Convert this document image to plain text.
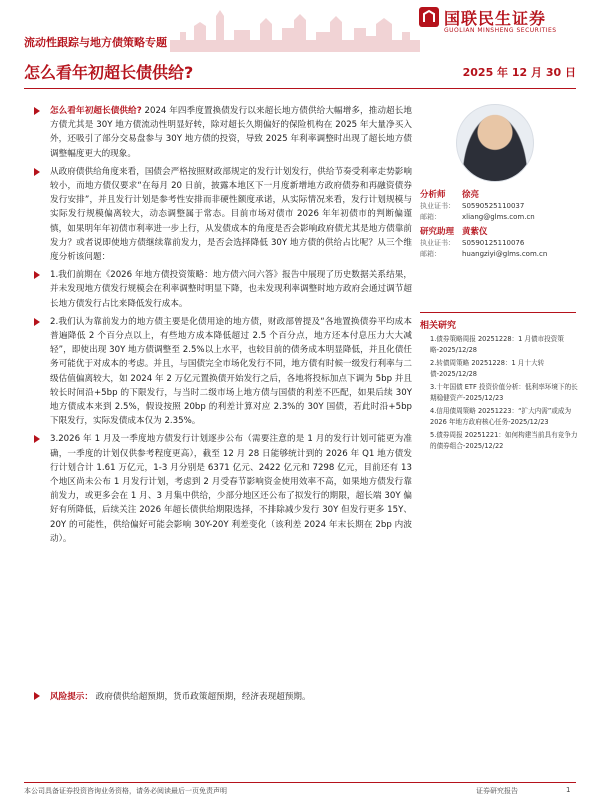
国联民生证券
GUOLIAN MINSHENG SECURITIES
流动性跟踪与地方债策略专题
怎么看年初超长债供给?	2025 年 12 月 30 日

怎么看年初超长债供给? 2024 年四季度置换债发行以来超长地方债供给大幅增多，推动超长地方债尤其是 30Y 地方债流动性明显好转，除对超长久期偏好的保险机构在 2025 年大量净买入外，还吸引了部分交易盘参与 30Y 地方债的投资，导致 2025 年利率调整时出现了超长地方债调整幅度更大的现象。

从政府债供给角度来看，国债会严格按照财政部规定的发行计划发行，供给节奏受利率走势影响较小，而地方债仅要求“在每月 20 日前，披露本地区下一月度新增地方政府债券和再融资债券发行安排”，并且发行计划是参考性安排而非硬性额度承诺，从实际情况来看，发行计划规模与实际发行规模偏离较大，动态调整属于常态。目前市场对债市 2026 年年初债市的判断偏谨慎，如果明年年初债市利率进一步上行，从发债成本的角度是否会影响政府债尤其是地方债靠前发力？或者说即使地方债继续靠前发力，是否会选择降低 30Y 地方债的供给占比呢？从三个维度分析该问题：

1.我们前期在《2026 年地方债投资策略：地方债六问六答》报告中展现了历史数据关系结果，并未发现地方债发行规模会在利率调整时明显下降，也未发现利率调整时地方政府会通过调节超长地方债发行占比来降低发行成本。

2.我们认为靠前发力的地方债主要是化债用途的地方债，财政部曾提及“各地置换债券平均成本普遍降低 2 个百分点以上，有些地方成本降低超过 2.5 个百分点，地方还本付息压力大大减轻”，即使出现 30Y 地方债调整至 2.5%以上水平，也较目前的债务成本明显降低，并且化债任务可能优于对成本的考虑。并且，与国债完全市场化发行不同，地方债有时候一级发行利率与二级估值偏离较大，如 2024 年 2 万亿元置换债开始发行之后，各地将投标加点下调为 5bp 并且较长时间沿+5bp 的下限发行，与当时二级市场上地方债与国债的利差不匹配，如果后续 30Y 地方债成本来到 2.5%，假设按照 20bp 的利差计算对应 2.3%的 30Y 国债，若此时沿+5bp 下限发行，实际发债成本仅为 2.35%。

3.2026 年 1 月及一季度地方债发行计划逐步公布（需要注意的是 1 月的发行计划可能更为准确，一季度的计划仅供参考程度更高），截至 12 月 28 日能够统计到的 2026 年 Q1 地方债发行计划合计 1.61 万亿元，1-3 月分别是 6371 亿元、2422 亿元和 7298 亿元，目前还有 13 个地区尚未公布 1 月发行计划，考虑到 2 月受春节影响资金使用效率不高，如果地方债发行靠前发力，或更多会在 1 月、3 月集中供给，少部分地区还公布了拟发行的期限，超长端 30Y 偏好有所降低，后续关注 2026 年超长债供给期限选择，不排除减少发行 30Y 但发行更多 15Y、20Y 的可能性，供给偏好可能会影响 30Y-20Y 利差变化（该利差 2024 年末长期在 2bp 内波动）。

风险提示： 政府债供给超预期，货币政策超预期，经济表现超预期。
分析师 徐亮
执业证书： S0590525110037
邮箱：	xliang@glms.com.cn
研究助理 黄紫仪
执业证书： S0590125110076
邮箱：	huangziyi@glms.com.cn
相关研究
1.债券策略周报 20251228：1 月债市投资策略-2025/12/28
2.转债周策略 20251228：1 月十大转债-2025/12/28
3.十年国债 ETF 投资价值分析：低利率环境下的长期稳健资产-2025/12/23
4.信用债周策略 20251223：“扩大内需”或成为 2026 年地方政府核心任务-2025/12/23
5.债券周报 20251221：如何构建当前具有竞争力的债券组合-2025/12/22
本公司具备证券投资咨询业务资格，请务必阅读最后一页免责声明	证券研究报告	1
